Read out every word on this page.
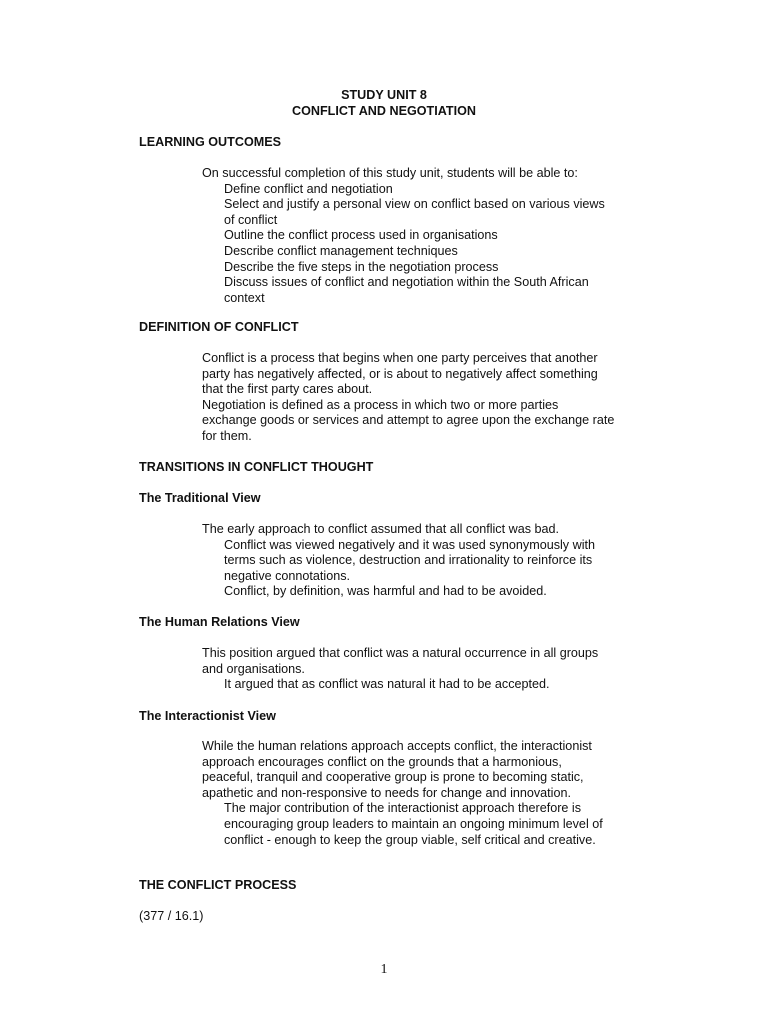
STUDY UNIT 8
CONFLICT AND NEGOTIATION
LEARNING OUTCOMES
On successful completion of this study unit, students will be able to:
Define conflict and negotiation
Select and justify a personal view on conflict based on various views
of conflict
Outline the conflict process used in organisations
Describe conflict management techniques
Describe the five steps in the negotiation process
Discuss issues of conflict and negotiation within the South African
context
DEFINITION OF CONFLICT
Conflict is a process that begins when one party perceives that another
party has negatively affected, or is about to negatively affect something
that the first party cares about.
Negotiation is defined as a process in which two or more parties
exchange goods or services and attempt to agree upon the exchange rate
for them.
TRANSITIONS IN CONFLICT THOUGHT
The Traditional View
The early approach to conflict assumed that all conflict was bad.
Conflict was viewed negatively and it was used synonymously with
terms such as violence, destruction and irrationality to reinforce its
negative connotations.
Conflict, by definition, was harmful and had to be avoided.
The Human Relations View
This position argued that conflict was a natural occurrence in all groups
and organisations.
It argued that as conflict was natural it had to be accepted.
The Interactionist View
While the human relations approach accepts conflict, the interactionist
approach encourages conflict on the grounds that a harmonious,
peaceful, tranquil and cooperative group is prone to becoming static,
apathetic and non-responsive to needs for change and innovation.
The major contribution of the interactionist approach therefore is
encouraging group leaders to maintain an ongoing minimum level of
conflict - enough to keep the group viable, self critical and creative.
THE CONFLICT PROCESS
(377 / 16.1)
1
